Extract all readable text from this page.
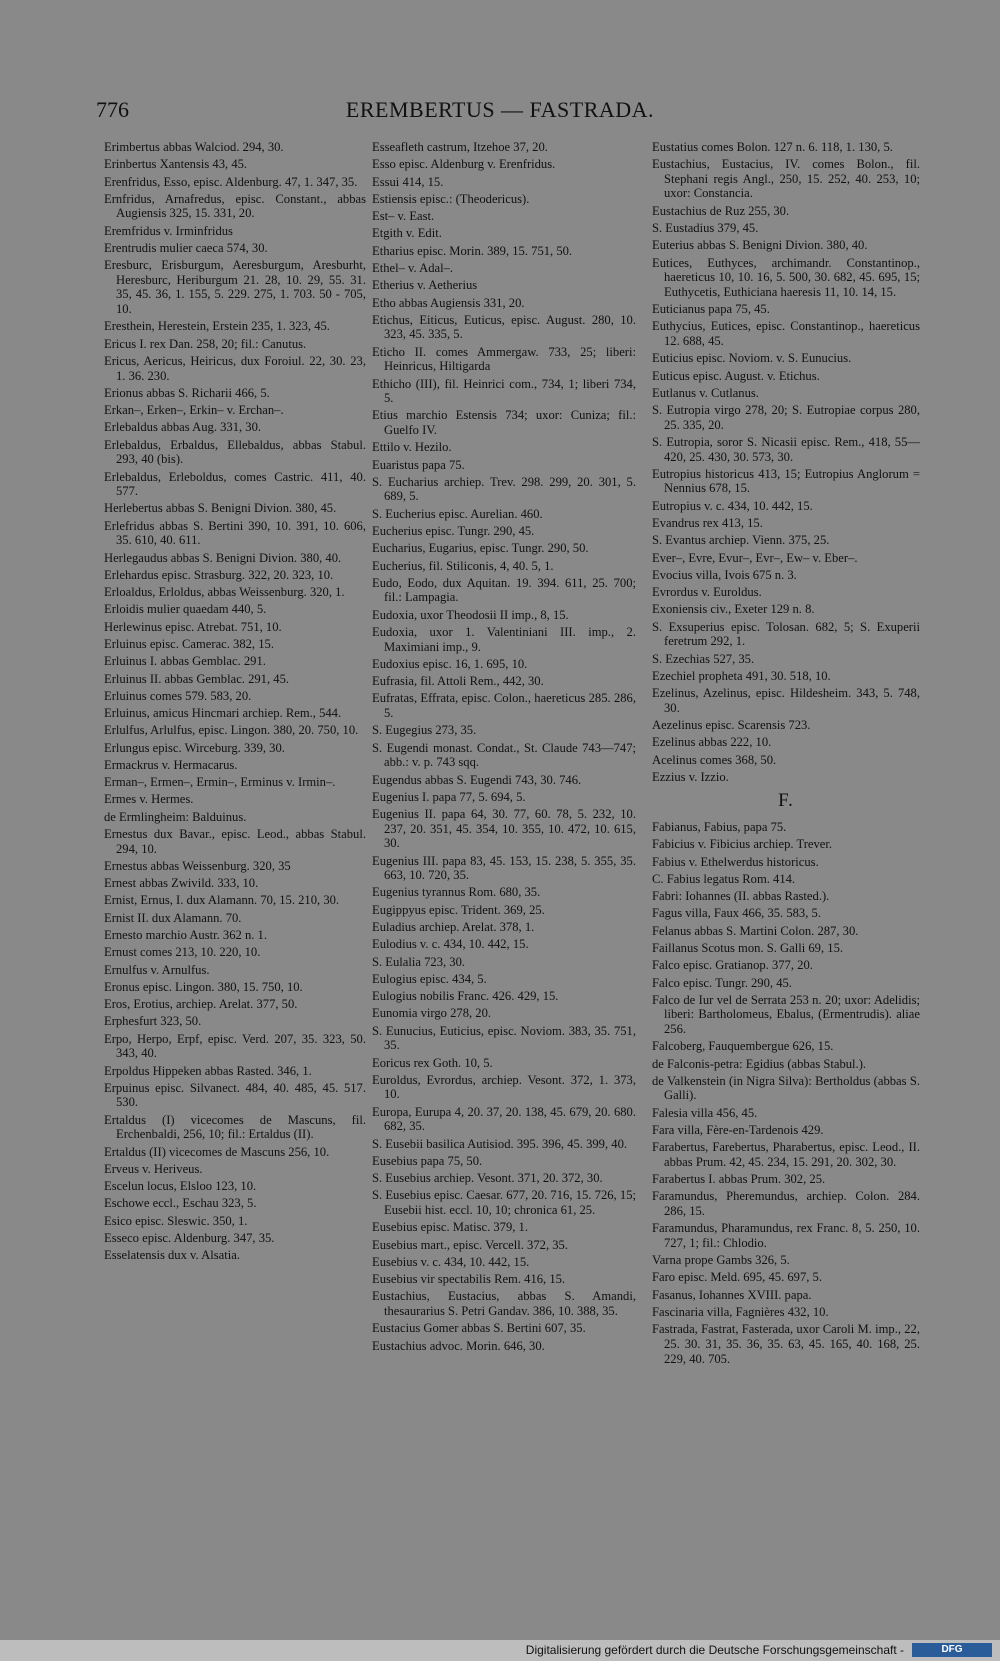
776	EREMBERTUS — FASTRADA.
Erimbertus abbas Walciod. 294, 30.
Erinbertus Xantensis 43, 45.
Erenfridus, Esso, episc. Aldenburg. 47, 1. 347, 35.
Ernfridus, Arnafredus, episc. Constant., abbas Augiensis 325, 15. 331, 20.
Eremfridus v. Irminfridus
Erentrudis mulier caeca 574, 30.
Eresburc, Erisburgum, Aeresburgum, Aresburht, Heresburc, Heriburgum 21. 28, 10. 29, 55. 31. 35, 45. 36, 1. 155, 5. 229. 275, 1. 703. 50 - 705, 10.
Eresthein, Herestein, Erstein 235, 1. 323, 45.
Ericus I. rex Dan. 258, 20; fil.: Canutus.
Ericus, Aericus, Heiricus, dux Foroiul. 22, 30. 23, 1. 36. 230.
Erionus abbas S. Richarii 466, 5.
Erkan–, Erken–, Erkin– v. Erchan–.
Erlebaldus abbas Aug. 331, 30.
Erlebaldus, Erbaldus, Ellebaldus, abbas Stabul. 293, 40 (bis).
Erlebaldus, Erleboldus, comes Castric. 411, 40. 577.
Herlebertus abbas S. Benigni Divion. 380, 45.
Erlefridus abbas S. Bertini 390, 10. 391, 10. 606, 35. 610, 40. 611.
Herlegaudus abbas S. Benigni Divion. 380, 40.
Erlehardus episc. Strasburg. 322, 20. 323, 10.
Erloaldus, Erloldus, abbas Weissenburg. 320, 1.
Erloidis mulier quaedam 440, 5.
Herlewinus episc. Atrebat. 751, 10.
Erluinus episc. Camerac. 382, 15.
Erluinus I. abbas Gemblac. 291.
Erluinus II. abbas Gemblac. 291, 45.
Erluinus comes 579. 583, 20.
Erluinus, amicus Hincmari archiep. Rem., 544.
Erlulfus, Arlulfus, episc. Lingon. 380, 20. 750, 10.
Erlungus episc. Wirceburg. 339, 30.
Ermackrus v. Hermacarus.
Erman–, Ermen–, Ermin–, Erminus v. Irmin–.
Ermes v. Hermes.
de Ermlingheim: Balduinus.
Ernestus dux Bavar., episc. Leod., abbas Stabul. 294, 10.
Ernestus abbas Weissenburg. 320, 35
Ernest abbas Zwivild. 333, 10.
Ernist, Ernus, I. dux Alamann. 70, 15. 210, 30.
Ernist II. dux Alamann. 70.
Ernesto marchio Austr. 362 n. 1.
Ernust comes 213, 10. 220, 10.
Ernulfus v. Arnulfus.
Eronus episc. Lingon. 380, 15. 750, 10.
Eros, Erotius, archiep. Arelat. 377, 50.
Erphesfurt 323, 50.
Erpo, Herpo, Erpf, episc. Verd. 207, 35. 323, 50. 343, 40.
Erpoldus Hippeken abbas Rasted. 346, 1.
Erpuinus episc. Silvanect. 484, 40. 485, 45. 517. 530.
Ertaldus (I) vicecomes de Mascuns, fil. Erchenbaldi, 256, 10; fil.: Ertaldus (II).
Ertaldus (II) vicecomes de Mascuns 256, 10.
Erveus v. Heriveus.
Escelun locus, Elsloo 123, 10.
Eschowe eccl., Eschau 323, 5.
Esico episc. Sleswic. 350, 1.
Esseco episc. Aldenburg. 347, 35.
Esselatensis dux v. Alsatia.
Esseafleth castrum, Itzehoe 37, 20.
Esso episc. Aldenburg v. Erenfridus.
Essui 414, 15.
Estiensis episc.: (Theodericus).
Est– v. East.
Etgith v. Edit.
Etharius episc. Morin. 389, 15. 751, 50.
Ethel– v. Adal–.
Etherius v. Aetherius
Etho abbas Augiensis 331, 20.
Etichus, Eiticus, Euticus, episc. August. 280, 10. 323, 45. 335, 5.
Eticho II. comes Ammergaw. 733, 25; liberi: Heinricus, Hiltigarda
Ethicho (III), fil. Heinrici com., 734, 1; liberi 734, 5.
Etius marchio Estensis 734; uxor: Cuniza; fil.: Guelfo IV.
Ettilo v. Hezilo.
Euaristus papa 75.
S. Eucharius archiep. Trev. 298. 299, 20. 301, 5. 689, 5.
S. Eucherius episc. Aurelian. 460.
Eucherius episc. Tungr. 290, 45.
Eucharius, Eugarius, episc. Tungr. 290, 50.
Eucherius, fil. Stiliconis, 4, 40. 5, 1.
Eudo, Eodo, dux Aquitan. 19. 394. 611, 25. 700; fil.: Lampagia.
Eudoxia, uxor Theodosii II imp., 8, 15.
Eudoxia, uxor 1. Valentiniani III. imp., 2. Maximiani imp., 9.
Eudoxius episc. 16, 1. 695, 10.
Eufrasia, fil. Attoli Rem., 442, 30.
Eufratas, Effrata, episc. Colon., haereticus 285. 286, 5.
S. Eugegius 273, 35.
S. Eugendi monast. Condat., St. Claude 743—747; abb.: v. p. 743 sqq.
Eugendus abbas S. Eugendi 743, 30. 746.
Eugenius I. papa 77, 5. 694, 5.
Eugenius II. papa 64, 30. 77, 60. 78, 5. 232, 10. 237, 20. 351, 45. 354, 10. 355, 10. 472, 10. 615, 30.
Eugenius III. papa 83, 45. 153, 15. 238, 5. 355, 35. 663, 10. 720, 35.
Eugenius tyrannus Rom. 680, 35.
Eugippyus episc. Trident. 369, 25.
Euladius archiep. Arelat. 378, 1.
Eulodius v. c. 434, 10. 442, 15.
S. Eulalia 723, 30.
Eulogius episc. 434, 5.
Eulogius nobilis Franc. 426. 429, 15.
Eunomia virgo 278, 20.
S. Eunucius, Euticius, episc. Noviom. 383, 35. 751, 35.
Eoricus rex Goth. 10, 5.
Euroldus, Evrordus, archiep. Vesont. 372, 1. 373, 10.
Europa, Eurupa 4, 20. 37, 20. 138, 45. 679, 20. 680. 682, 35.
S. Eusebii basilica Autisiod. 395. 396, 45. 399, 40.
Eusebius papa 75, 50.
S. Eusebius archiep. Vesont. 371, 20. 372, 30.
S. Eusebius episc. Caesar. 677, 20. 716, 15. 726, 15; Eusebii hist. eccl. 10, 10; chronica 61, 25.
Eusebius episc. Matisc. 379, 1.
Eusebius mart., episc. Vercell. 372, 35.
Eusebius v. c. 434, 10. 442, 15.
Eusebius vir spectabilis Rem. 416, 15.
Eustachius, Eustacius, abbas S. Amandi, thesaurarius S. Petri Gandav. 386, 10. 388, 35.
Eustacius Gomer abbas S. Bertini 607, 35.
Eustachius advoc. Morin. 646, 30.
Eustatius comes Bolon. 127 n. 6. 118, 1. 130, 5.
Eustachius, Eustacius, IV. comes Bolon., fil. Stephani regis Angl., 250, 15. 252, 40. 253, 10; uxor: Constancia.
Eustachius de Ruz 255, 30.
S. Eustadius 379, 45.
Euterius abbas S. Benigni Divion. 380, 40.
Eutices, Euthyces, archimandr. Constantinop., haereticus 10, 10. 16, 5. 500, 30. 682, 45. 695, 15; Euthycetis, Euthiciana haeresis 11, 10. 14, 15.
Euticianus papa 75, 45.
Euthycius, Eutices, episc. Constantinop., haereticus 12. 688, 45.
Euticius episc. Noviom. v. S. Eunucius.
Euticus episc. August. v. Etichus.
Eutlanus v. Cutlanus.
S. Eutropia virgo 278, 20; S. Eutropiae corpus 280, 25. 335, 20.
S. Eutropia, soror S. Nicasii episc. Rem., 418, 55—420, 25. 430, 30. 573, 30.
Eutropius historicus 413, 15; Eutropius Anglorum = Nennius 678, 15.
Eutropius v. c. 434, 10. 442, 15.
Evandrus rex 413, 15.
S. Evantus archiep. Vienn. 375, 25.
Ever–, Evre, Evur–, Evr–, Ew– v. Eber–.
Evocius villa, Ivois 675 n. 3.
Evrordus v. Euroldus.
Exoniensis civ., Exeter 129 n. 8.
S. Exsuperius episc. Tolosan. 682, 5; S. Exuperii feretrum 292, 1.
S. Ezechias 527, 35.
Ezechiel propheta 491, 30. 518, 10.
Ezelinus, Azelinus, episc. Hildesheim. 343, 5. 748, 30.
Aezelinus episc. Scarensis 723.
Ezelinus abbas 222, 10.
Acelinus comes 368, 50.
Ezzius v. Izzio.
F.
Fabianus, Fabius, papa 75.
Fabicius v. Fibicius archiep. Trever.
Fabius v. Ethelwerdus historicus.
C. Fabius legatus Rom. 414.
Fabri: Iohannes (II. abbas Rasted.).
Fagus villa, Faux 466, 35. 583, 5.
Felanus abbas S. Martini Colon. 287, 30.
Faillanus Scotus mon. S. Galli 69, 15.
Falco episc. Gratianop. 377, 20.
Falco episc. Tungr. 290, 45.
Falco de Iur vel de Serrata 253 n. 20; uxor: Adelidis; liberi: Bartholomeus, Ebalus, (Ermentrudis). aliae 256.
Falcoberg, Fauquembergue 626, 15.
de Falconis-petra: Egidius (abbas Stabul.).
de Valkenstein (in Nigra Silva): Bertholdus (abbas S. Galli).
Falesia villa 456, 45.
Fara villa, Fère-en-Tardenois 429.
Farabertus, Farebertus, Pharabertus, episc. Leod., II. abbas Prum. 42, 45. 234, 15. 291, 20. 302, 30.
Farabertus I. abbas Prum. 302, 25.
Faramundus, Pheremundus, archiep. Colon. 284. 286, 15.
Faramundus, Pharamundus, rex Franc. 8, 5. 250, 10. 727, 1; fil.: Chlodio.
Varna prope Gambs 326, 5.
Faro episc. Meld. 695, 45. 697, 5.
Fasanus, Iohannes XVIII. papa.
Fascinaria villa, Fagnières 432, 10.
Fastrada, Fastrat, Fasterada, uxor Caroli M. imp., 22, 25. 30. 31, 35. 36, 35. 63, 45. 165, 40. 168, 25. 229, 40. 705.
Digitalisierung gefördert durch die Deutsche Forschungsgemeinschaft -	DFG
